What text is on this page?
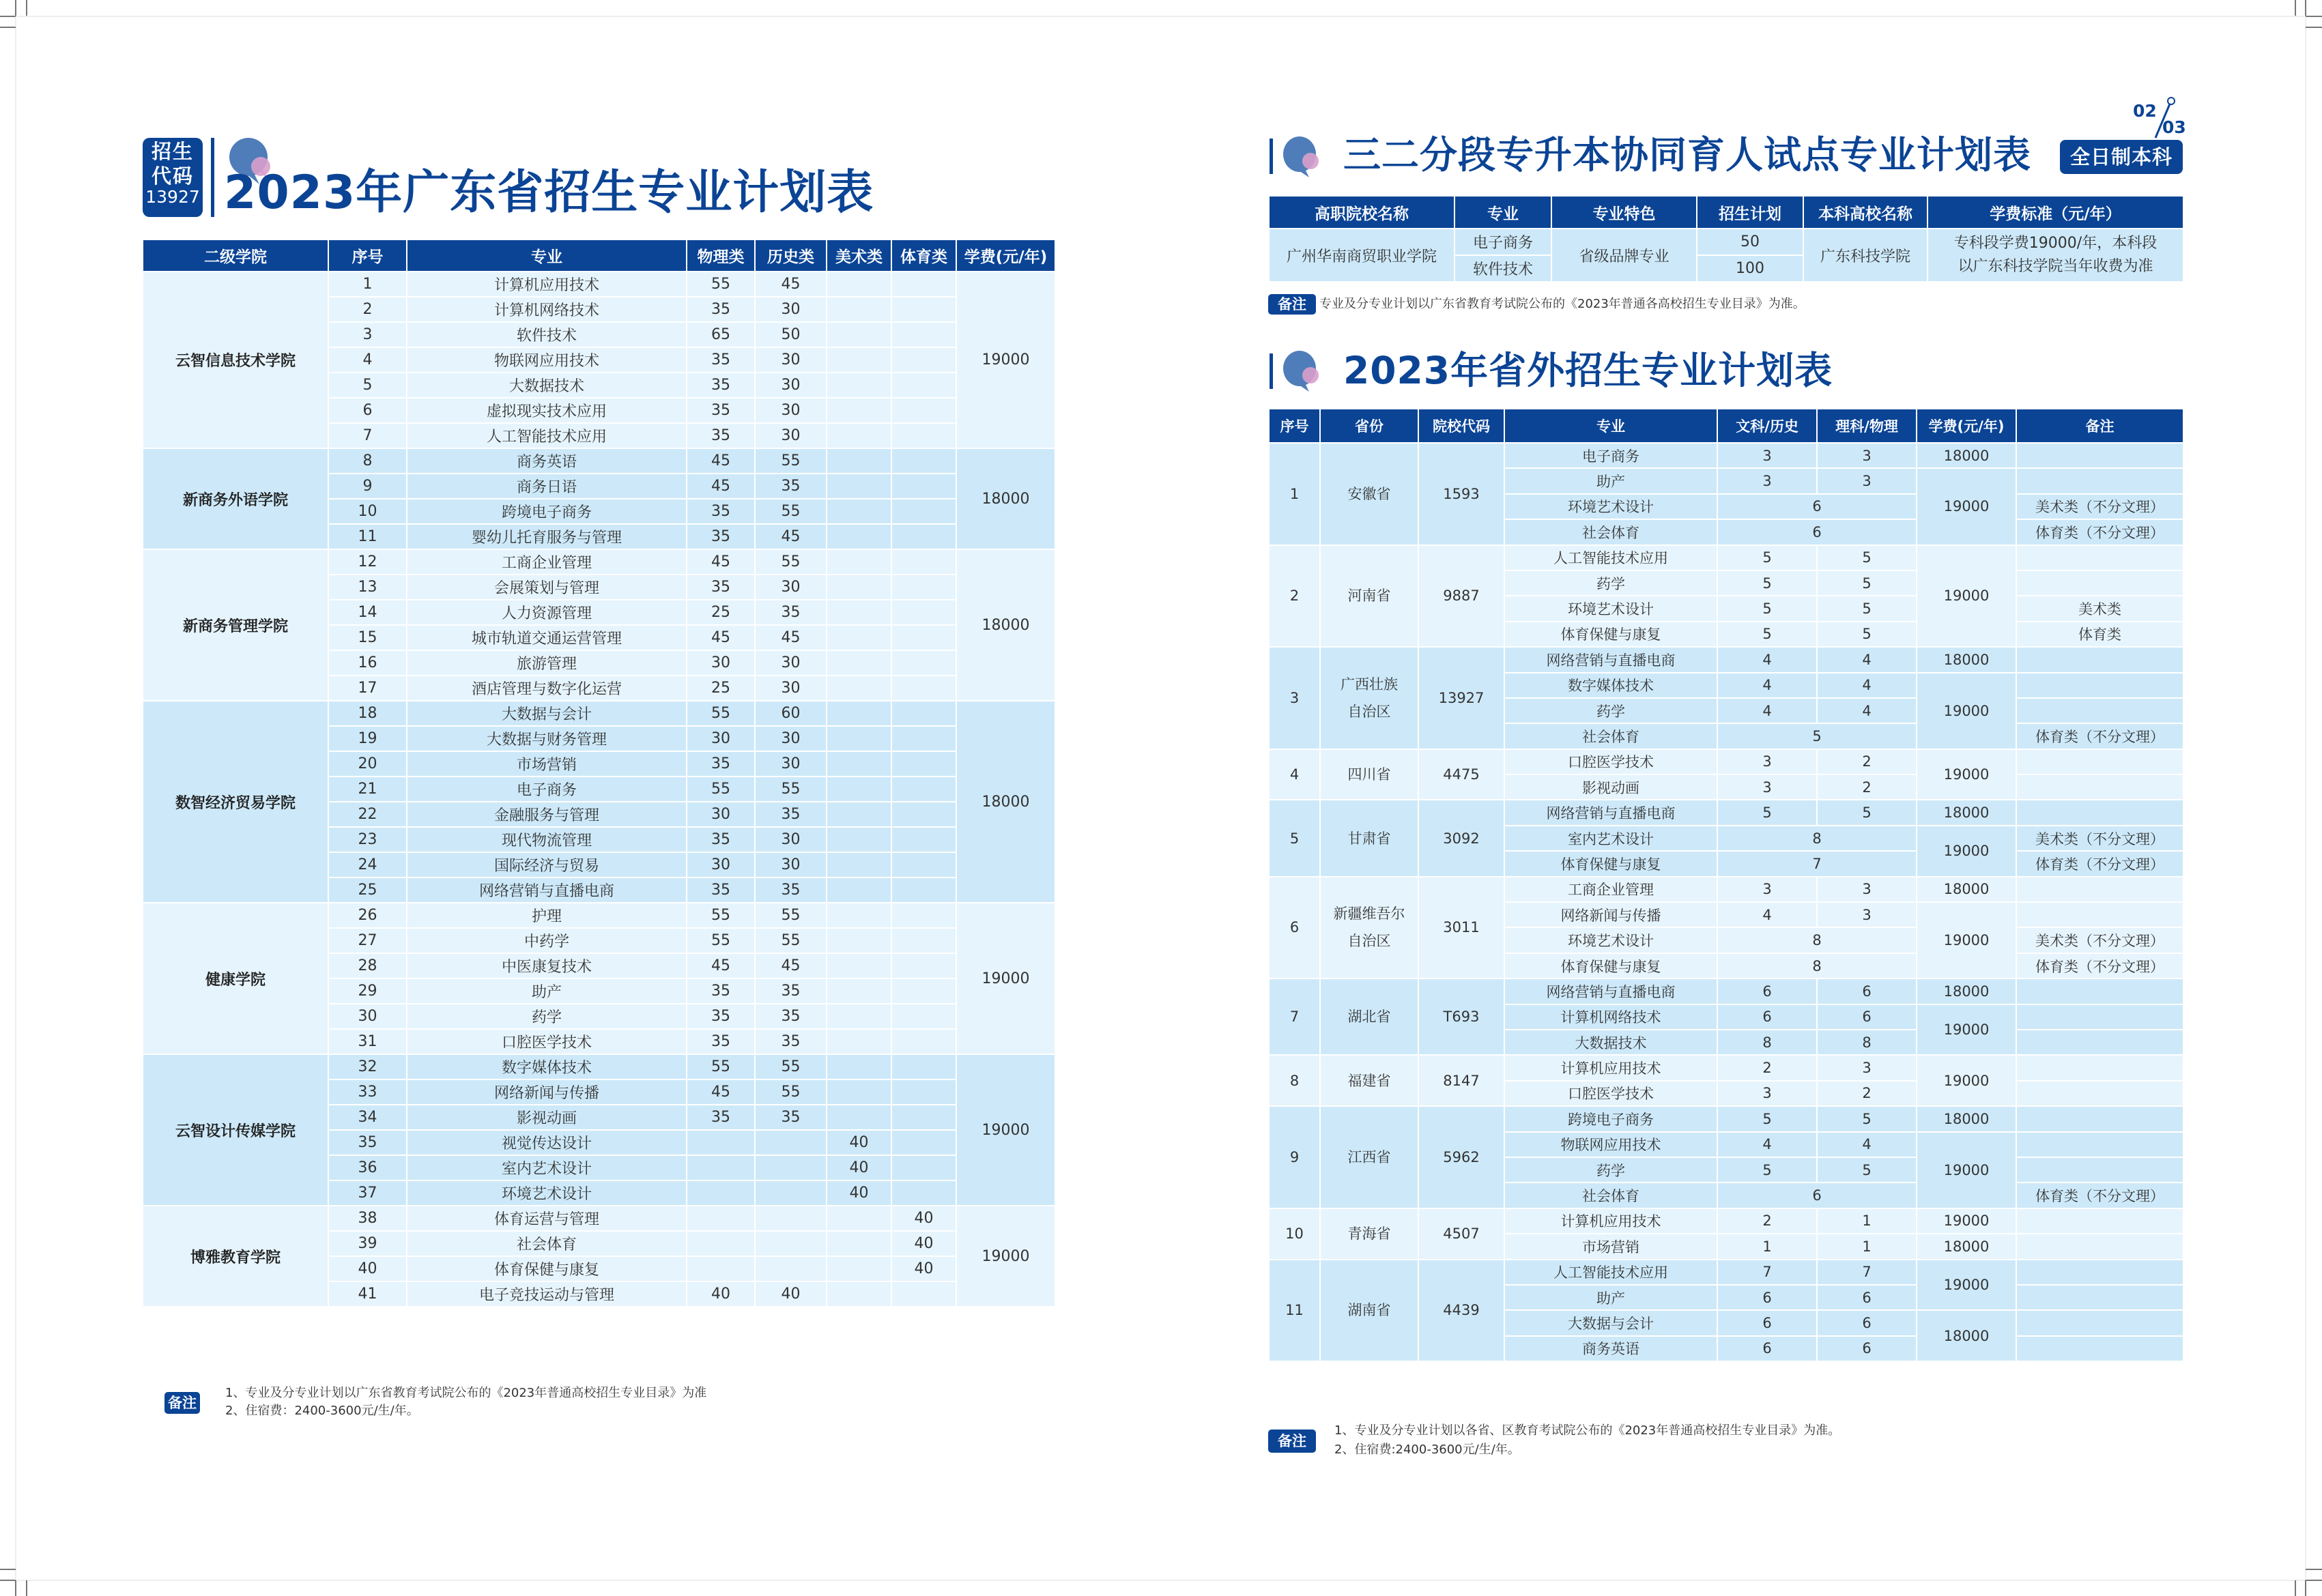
招生
代码
13927 2023年广东省招生专业计划表
二级学院	序号	专业	物理类	历史类	美术类	体育类	学费(元/年)
云智信息技术学院	1	计算机应用技术	55	45			19000
	2	计算机网络技术	35	30			
	3	软件技术	65	50			
	4	物联网应用技术	35	30			
	5	大数据技术	35	30			
	6	虚拟现实技术应用	35	30			
	7	人工智能技术应用	35	30			
新商务外语学院	8	商务英语	45	55			18000
	9	商务日语	45	35			
	10	跨境电子商务	35	55			
	11	婴幼儿托育服务与管理	35	45			
新商务管理学院	12	工商企业管理	45	55			18000
	13	会展策划与管理	35	30			
	14	人力资源管理	25	35			
	15	城市轨道交通运营管理	45	45			
	16	旅游管理	30	30			
	17	酒店管理与数字化运营	25	30			
数智经济贸易学院	18	大数据与会计	55	60			18000
	19	大数据与财务管理	30	30			
	20	市场营销	35	30			
	21	电子商务	55	55			
	22	金融服务与管理	30	35			
	23	现代物流管理	35	30			
	24	国际经济与贸易	30	30			
	25	网络营销与直播电商	35	35			
健康学院	26	护理	55	55			19000
	27	中药学	55	55			
	28	中医康复技术	45	45			
	29	助产	35	35			
	30	药学	35	35			
	31	口腔医学技术	35	35			
云智设计传媒学院	32	数字媒体技术	55	55			19000
	33	网络新闻与传播	45	55			
	34	影视动画	35	35			
	35	视觉传达设计			40		
	36	室内艺术设计			40		
	37	环境艺术设计			40		
博雅教育学院	38	体育运营与管理				40	19000
	39	社会体育				40	
	40	体育保健与康复				40	
	41	电子竞技运动与管理	40	40			
备注
1、专业及分专业计划以广东省教育考试院公布的《2023年普通高校招生专业目录》为准
2、住宿费：2400-3600元/生/年。
02
03
三二分段专升本协同育人试点专业计划表	全日制本科
高职院校名称	专业	专业特色	招生计划	本科高校名称	学费标准（元/年）
广州华南商贸职业学院	电子商务	省级品牌专业	50	广东科技学院	专科段学费19000/年，本科段
以广东科技学院当年收费为准

	软件技术		100		
备注	专业及分专业计划以广东省教育考试院公布的《2023年普通各高校招生专业目录》为准。
2023年省外招生专业计划表
序号	省份	院校代码	专业	文科/历史	理科/物理	学费(元/年)	备注
1	安徽省	1593	电子商务	3	3	18000	
			助产	3	3	19000	
			环境艺术设计	6			美术类（不分文理）
			社会体育	6			体育类（不分文理）
2	河南省	9887	人工智能技术应用	5	5	19000	
			药学	5	5		
			环境艺术设计	5	5		美术类
			体育保健与康复	5	5		体育类
3	广西壮族
自治区	13927	网络营销与直播电商	4	4	18000	
			数字媒体技术	4	4	19000	
			药学	4	4		
			社会体育	5			体育类（不分文理）
4	四川省	4475	口腔医学技术	3	2	19000	
			影视动画	3	2		
5	甘肃省	3092	网络营销与直播电商	5	5	18000	
			室内艺术设计	8		19000	美术类（不分文理）
			体育保健与康复	7			体育类（不分文理）
6	新疆维吾尔
自治区	3011	工商企业管理	3	3	18000	
			网络新闻与传播	4	3	19000	
			环境艺术设计	8			美术类（不分文理）
			体育保健与康复	8			体育类（不分文理）
7	湖北省	T693	网络营销与直播电商	6	6	18000	
			计算机网络技术	6	6	19000	
			大数据技术	8	8		
8	福建省	8147	计算机应用技术	2	3	19000	
			口腔医学技术	3	2		
9	江西省	5962	跨境电子商务	5	5	18000	
			物联网应用技术	4	4	19000	
			药学	5	5		
			社会体育	6			体育类（不分文理）
10	青海省	4507	计算机应用技术	2	1	19000	
			市场营销	1	1	18000	
11	湖南省	4439	人工智能技术应用	7	7	19000	
			助产	6	6		
			大数据与会计	6	6	18000	
			商务英语	6	6		
备注
1、专业及分专业计划以各省、区教育考试院公布的《2023年普通高校招生专业目录》为准。
2、住宿费:2400-3600元/生/年。
